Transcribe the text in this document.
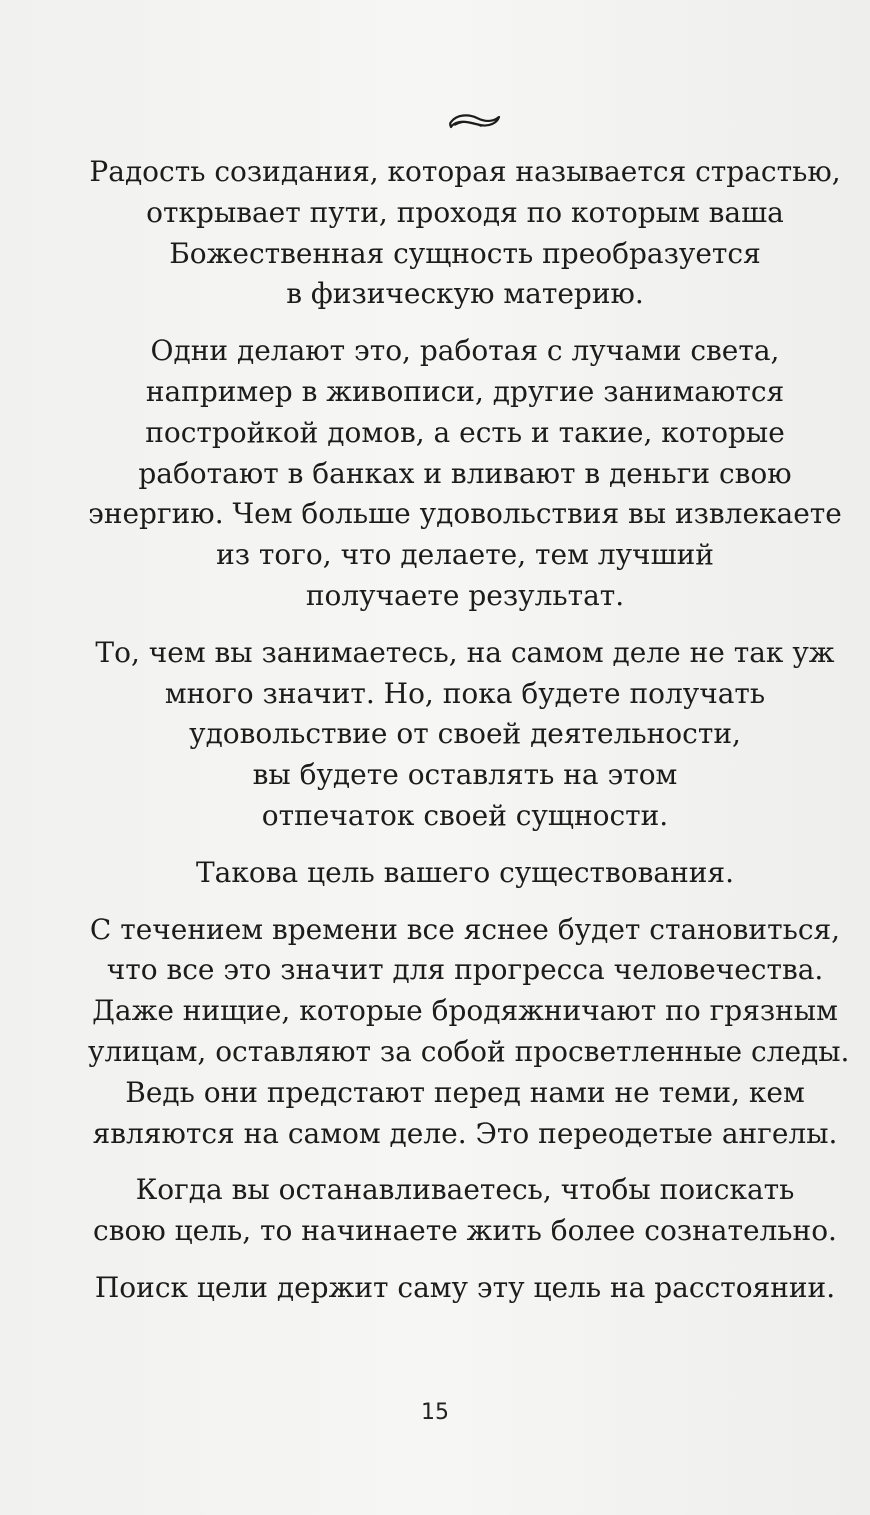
Радость созидания, которая называется страстью,
открывает пути, проходя по которым ваша
Божественная сущность преобразуется
в физическую материю.

Одни делают это, работая с лучами света,
например в живописи, другие занимаются
постройкой домов, а есть и такие, которые
работают в банках и вливают в деньги свою
энергию. Чем больше удовольствия вы извлекаете
из того, что делаете, тем лучший
получаете результат.

То, чем вы занимаетесь, на самом деле не так уж
много значит. Но, пока будете получать
удовольствие от своей деятельности,
вы будете оставлять на этом
отпечаток своей сущности.

Такова цель вашего существования.

С течением времени все яснее будет становиться,
что все это значит для прогресса человечества.
Даже нищие, которые бродяжничают по грязным
улицам, оставляют за собой просветленные следы.
Ведь они предстают перед нами не теми, кем
являются на самом деле. Это переодетые ангелы.

Когда вы останавливаетесь, чтобы поискать
свою цель, то начинаете жить более сознательно.

Поиск цели держит саму эту цель на расстоянии.

15
